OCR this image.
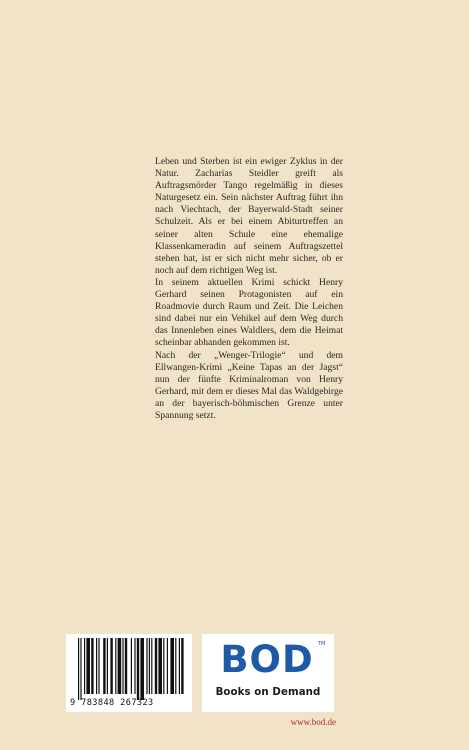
Leben und Sterben ist ein ewiger Zyklus in der Natur. Zacharias Steidler greift als Auftragsmörder Tango regelmäßig in dieses Naturgesetz ein. Sein nächster Auftrag führt ihn nach Viechtach, der Bayerwald-Stadt seiner Schulzeit. Als er bei einem Abiturtreffen an seiner alten Schule eine ehemalige Klassenkameradin auf seinem Auftragszettel stehen hat, ist er sich nicht mehr sicher, ob er noch auf dem richtigen Weg ist.

In seinem aktuellen Krimi schickt Henry Gerhard seinen Protagonisten auf ein Roadmovie durch Raum und Zeit. Die Leichen sind dabei nur ein Vehikel auf dem Weg durch das Innenleben eines Waldlers, dem die Heimat scheinbar abhanden gekommen ist.

Nach der „Wenger-Trilogie“ und dem Ellwangen-Krimi „Keine Tapas an der Jagst“ nun der fünfte Kriminalroman von Henry Gerhard, mit dem er dieses Mal das Waldgebirge an der bayerisch-böhmischen Grenze unter Spannung setzt.

9 783848 267323
BOD TM
Books on Demand
www.bod.de
